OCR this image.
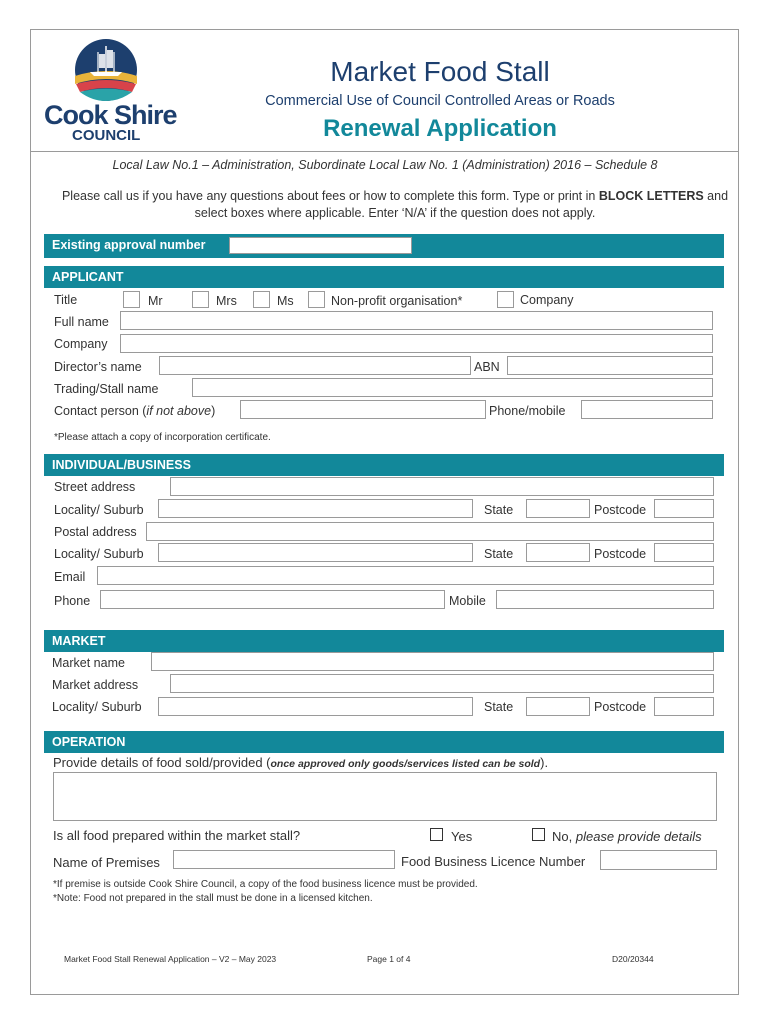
Cook Shire
COUNCIL
Market Food Stall
Commercial Use of Council Controlled Areas or Roads
Renewal Application
Local Law No.1 – Administration, Subordinate Local Law No. 1 (Administration) 2016 – Schedule 8
Please call us if you have any questions about fees or how to complete this form. Type or print in BLOCK LETTERS and select boxes where applicable. Enter ‘N/A’ if the question does not apply.
Existing approval number
APPLICANT
Title	Mr	Mrs	Ms	Non-profit organisation*	Company
Full name
Company
Director’s name	ABN
Trading/Stall name
Contact person (if not above)	Phone/mobile
*Please attach a copy of incorporation certificate.
INDIVIDUAL/BUSINESS
Street address
Locality/ Suburb	State	Postcode
Postal address
Locality/ Suburb	State	Postcode
Email
Phone	Mobile
MARKET
Market name
Market address
Locality/ Suburb	State	Postcode
OPERATION
Provide details of food sold/provided (once approved only goods/services listed can be sold).
Is all food prepared within the market stall?	Yes	No, please provide details
Name of Premises	Food Business Licence Number
*If premise is outside Cook Shire Council, a copy of the food business licence must be provided.
*Note: Food not prepared in the stall must be done in a licensed kitchen.
Market Food Stall Renewal Application – V2 – May 2023	Page 1 of 4	D20/20344
